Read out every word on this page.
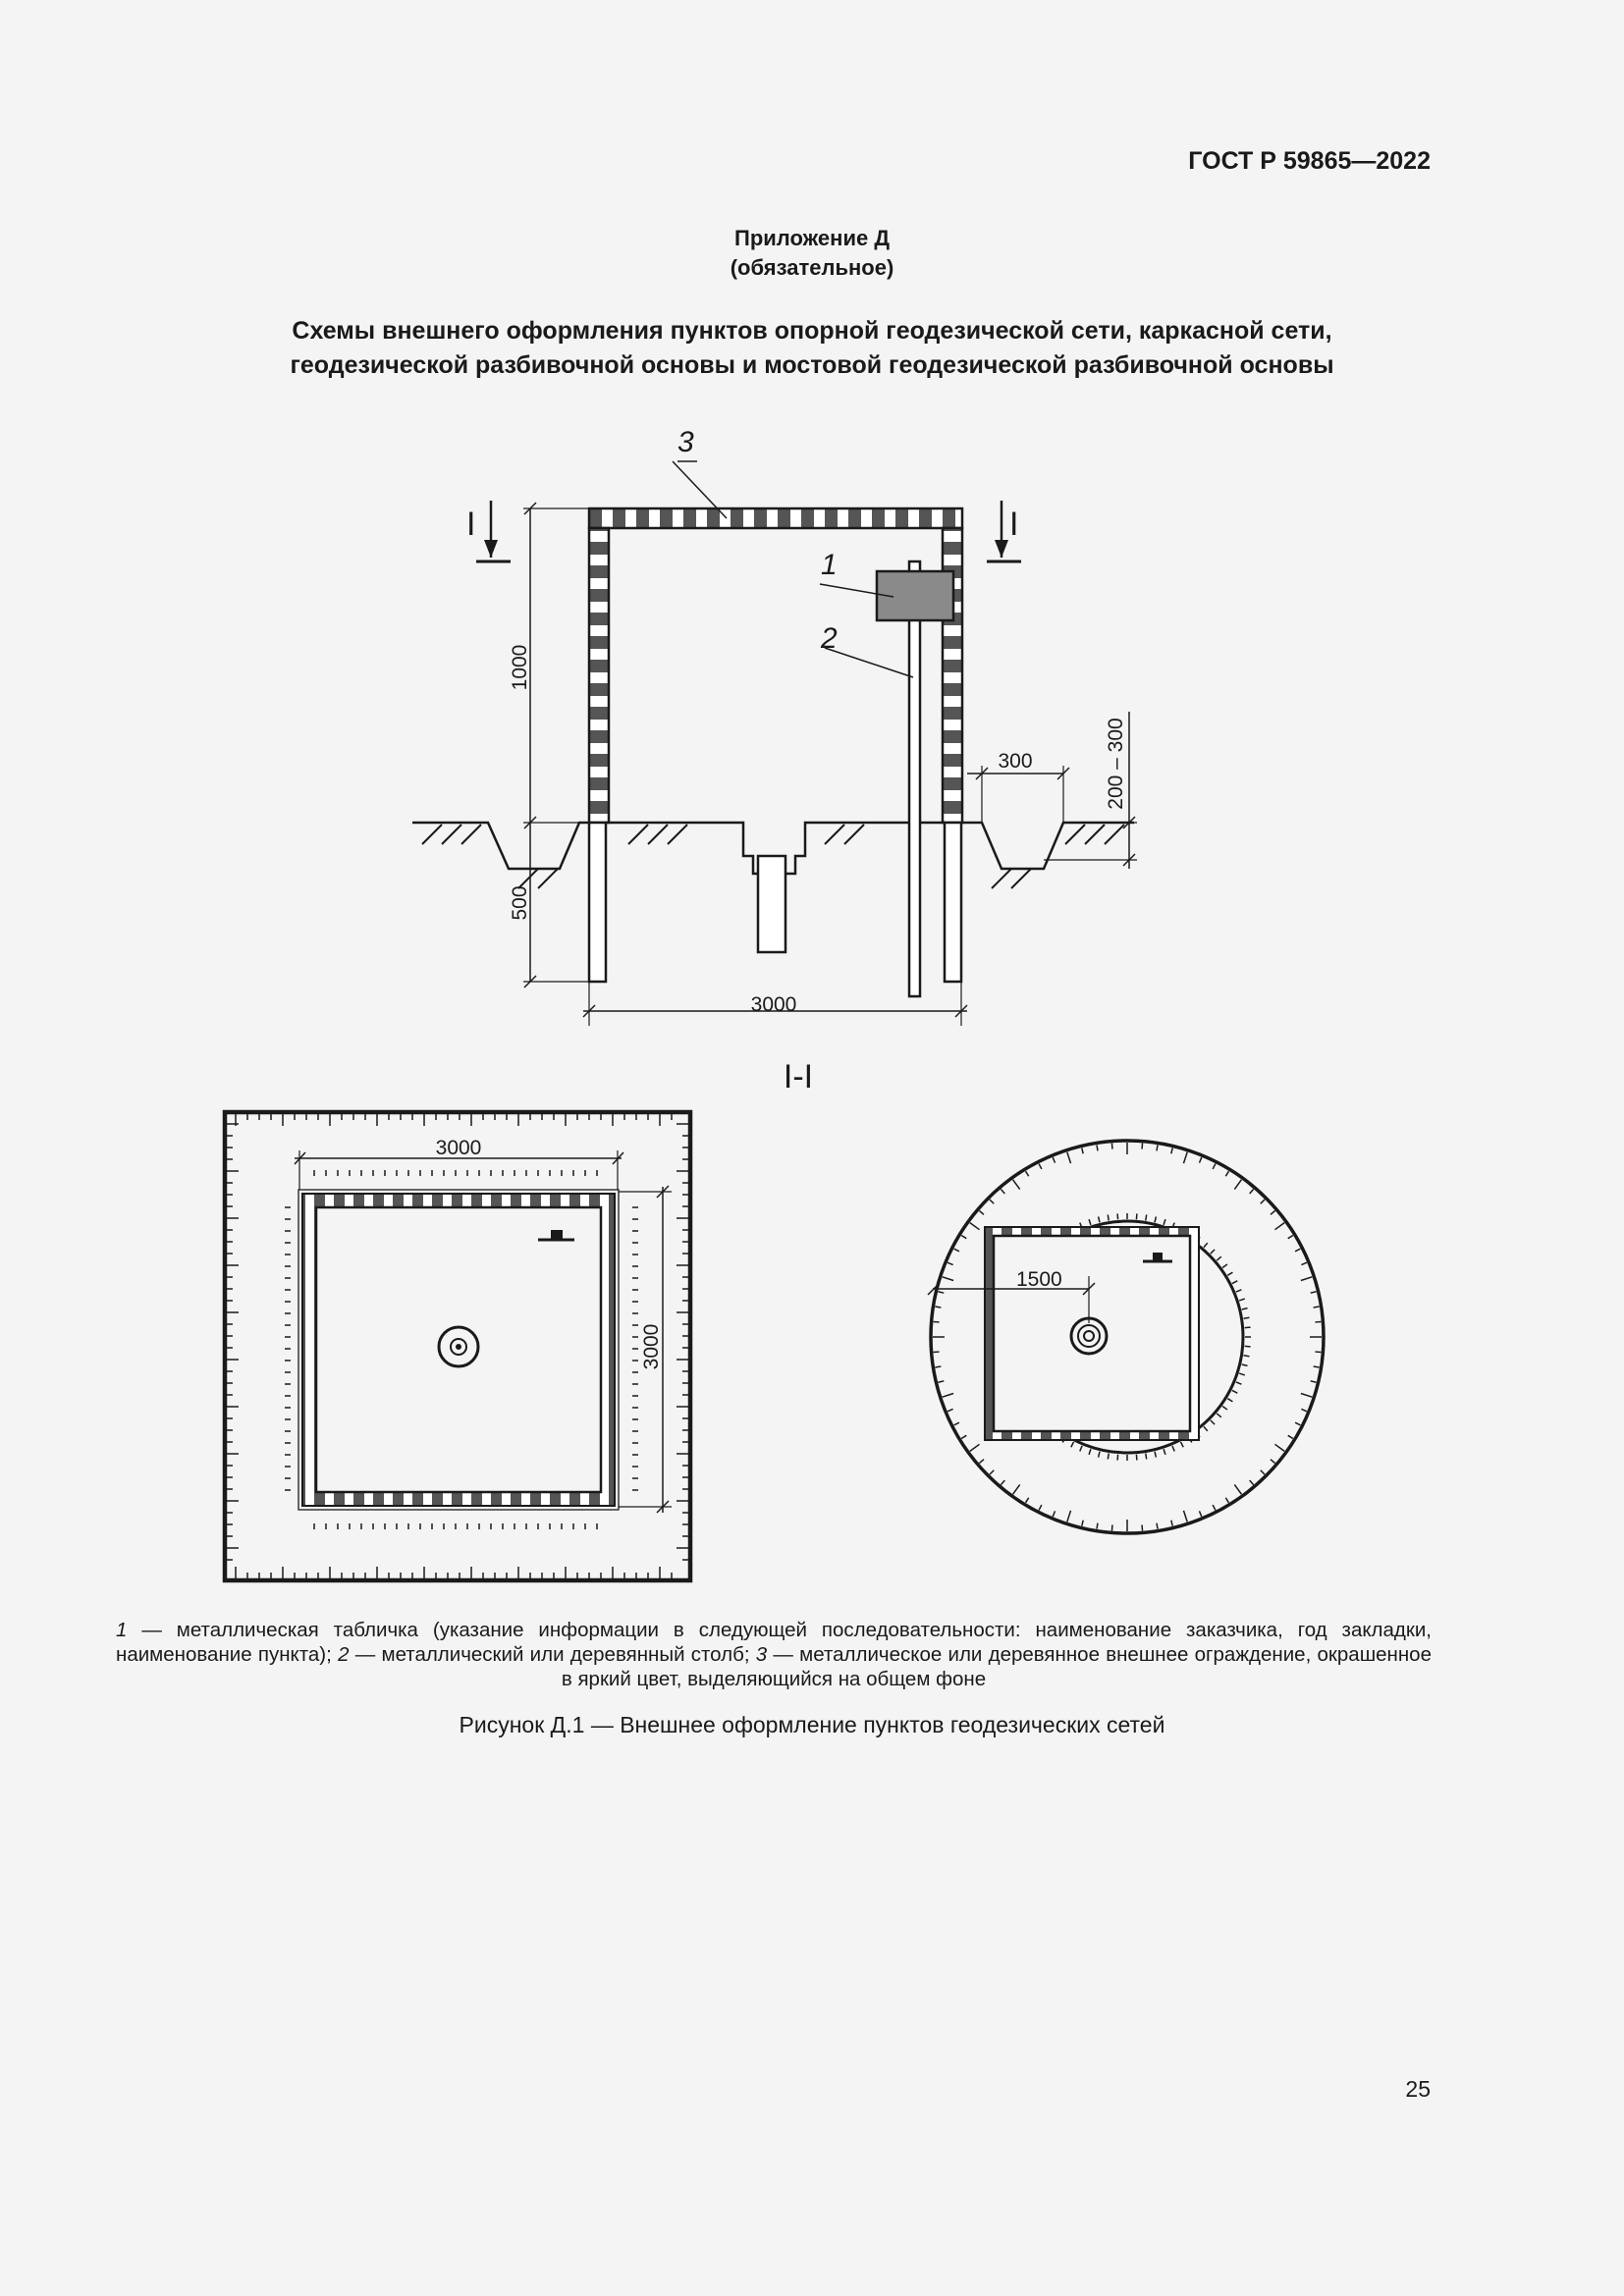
ГОСТ Р 59865—2022
Приложение Д
(обязательное)
Схемы внешнего оформления пунктов опорной геодезической сети, каркасной сети,
геодезической разбивочной основы и мостовой геодезической разбивочной основы
3
1
2
I	I
1000
500
3000
300	200 – 300
I-I
3000
3000
1500
1 — металлическая табличка (указание информации в следующей последовательности: наименование заказчика, год закладки, наименование пункта); 2 — металлический или деревянный столб; 3 — металлическое или деревянное внешнее ограждение, окрашенное в яркий цвет, выделяющийся на общем фоне
Рисунок Д.1 — Внешнее оформление пунктов геодезических сетей
25
